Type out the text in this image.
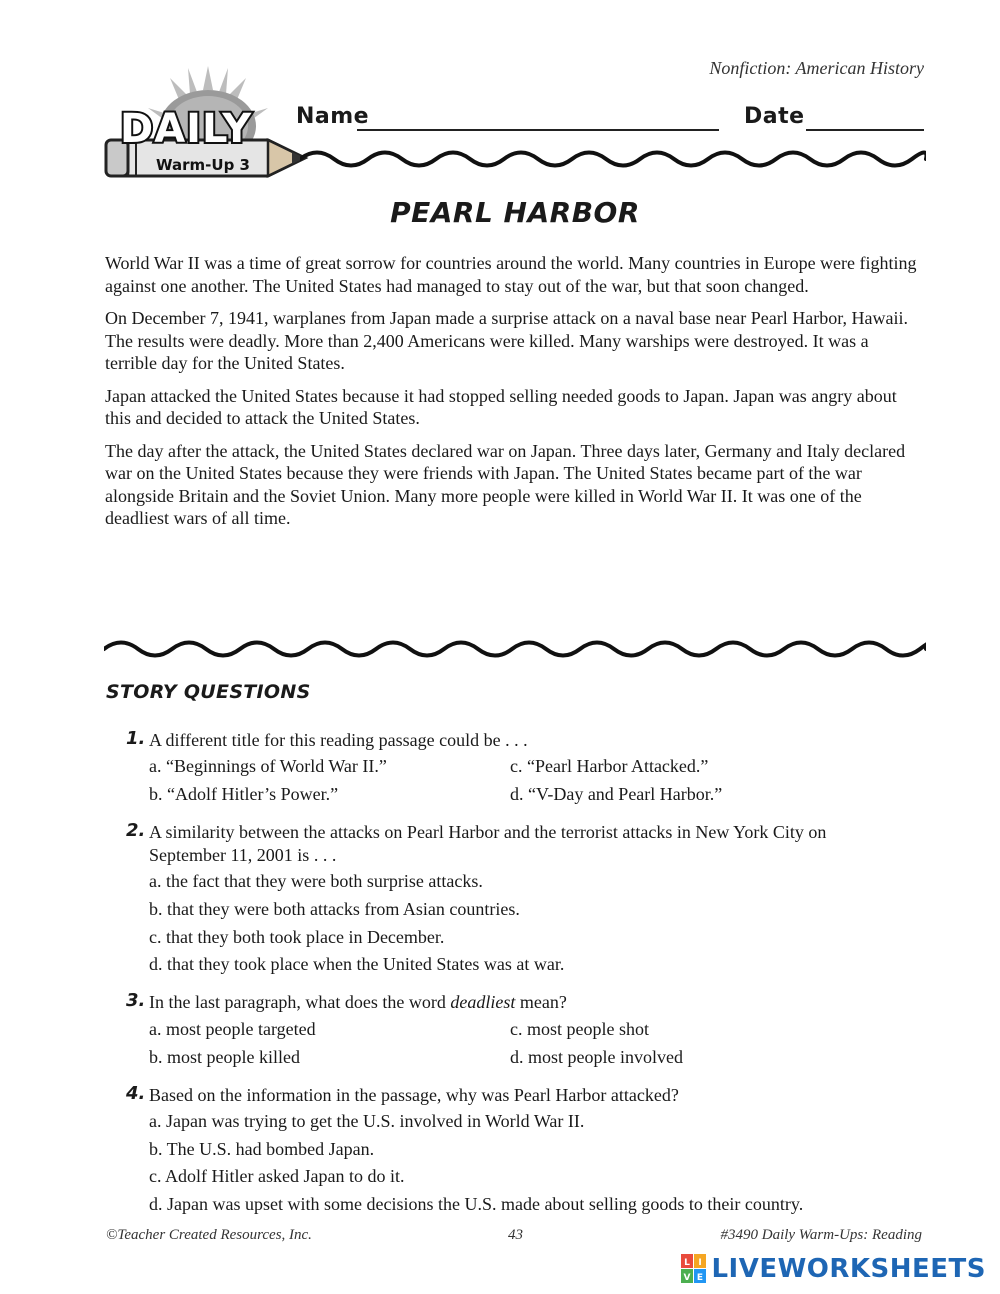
Nonfiction: American History
DAILY
Warm-Up 3
Name	Date
PEARL HARBOR

World War II was a time of great sorrow for countries around the world. Many countries in Europe were fighting against one another. The United States had managed to stay out of the war, but that soon changed.

On December 7, 1941, warplanes from Japan made a surprise attack on a naval base near Pearl Harbor, Hawaii. The results were deadly. More than 2,400 Americans were killed. Many warships were destroyed. It was a terrible day for the United States.

Japan attacked the United States because it had stopped selling needed goods to Japan. Japan was angry about this and decided to attack the United States.

The day after the attack, the United States declared war on Japan. Three days later, Germany and Italy declared war on the United States because they were friends with Japan. The United States became part of the war alongside Britain and the Soviet Union. Many more people were killed in World War II. It was one of the deadliest wars of all time.

STORY QUESTIONS
1. A different title for this reading passage could be . . .
a. “Beginnings of World War II.”
b. “Adolf Hitler’s Power.”
c. “Pearl Harbor Attacked.”
d. “V-Day and Pearl Harbor.”
2. A similarity between the attacks on Pearl Harbor and the terrorist attacks in New York City on
September 11, 2001 is . . .
a. the fact that they were both surprise attacks.
b. that they were both attacks from Asian countries.
c. that they both took place in December.
d. that they took place when the United States was at war.
3. In the last paragraph, what does the word deadliest mean?
a. most people targeted
b. most people killed
c. most people shot
d. most people involved
4. Based on the information in the passage, why was Pearl Harbor attacked?
a. Japan was trying to get the U.S. involved in World War II.
b. The U.S. had bombed Japan.
c. Adolf Hitler asked Japan to do it.
d. Japan was upset with some decisions the U.S. made about selling goods to their country.
©Teacher Created Resources, Inc.	43	#3490 Daily Warm-Ups: Reading
L I
V E LIVEWORKSHEETS
